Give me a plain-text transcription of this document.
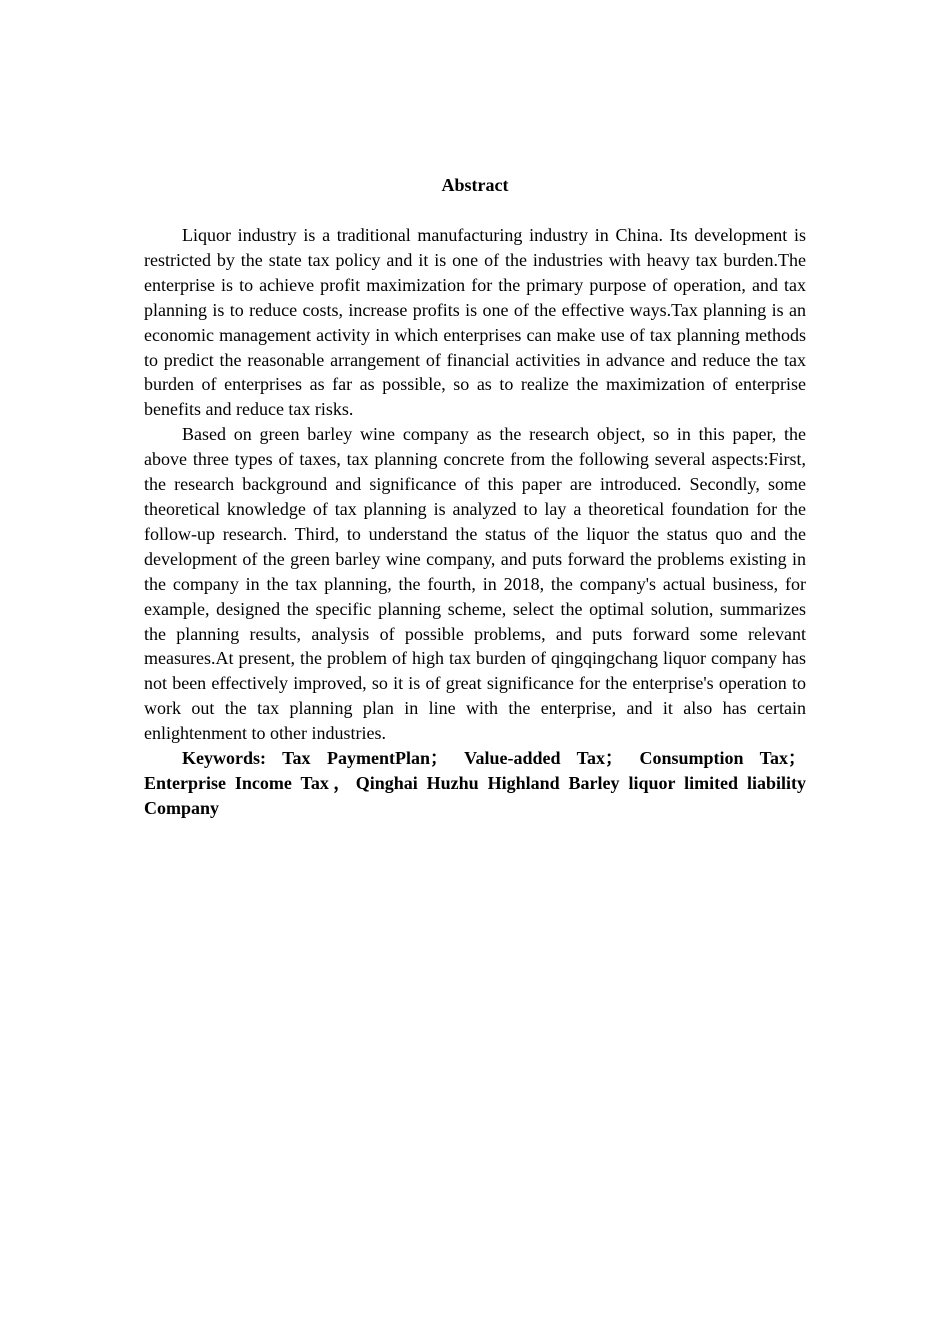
Abstract

Liquor industry is a traditional manufacturing industry in China. Its development is restricted by the state tax policy and it is one of the industries with heavy tax burden.The enterprise is to achieve profit maximization for the primary purpose of operation, and tax planning is to reduce costs, increase profits is one of the effective ways.Tax planning is an economic management activity in which enterprises can make use of tax planning methods to predict the reasonable arrangement of financial activities in advance and reduce the tax burden of enterprises as far as possible, so as to realize the maximization of enterprise benefits and reduce tax risks.

Based on green barley wine company as the research object, so in this paper, the above three types of taxes, tax planning concrete from the following several aspects:First, the research background and significance of this paper are introduced. Secondly, some theoretical knowledge of tax planning is analyzed to lay a theoretical foundation for the follow-up research. Third, to understand the status of the liquor the status quo and the development of the green barley wine company, and puts forward the problems existing in the company in the tax planning, the fourth, in 2018, the company's actual business, for example, designed the specific planning scheme, select the optimal solution, summarizes the planning results, analysis of possible problems, and puts forward some relevant measures.At present, the problem of high tax burden of qingqingchang liquor company has not been effectively improved, so it is of great significance for the enterprise's operation to work out the tax planning plan in line with the enterprise, and it also has certain enlightenment to other industries.

Keywords: Tax PaymentPlan； Value-added Tax； Consumption Tax；Enterprise Income Tax，Qinghai Huzhu Highland Barley liquor limited liability Company
